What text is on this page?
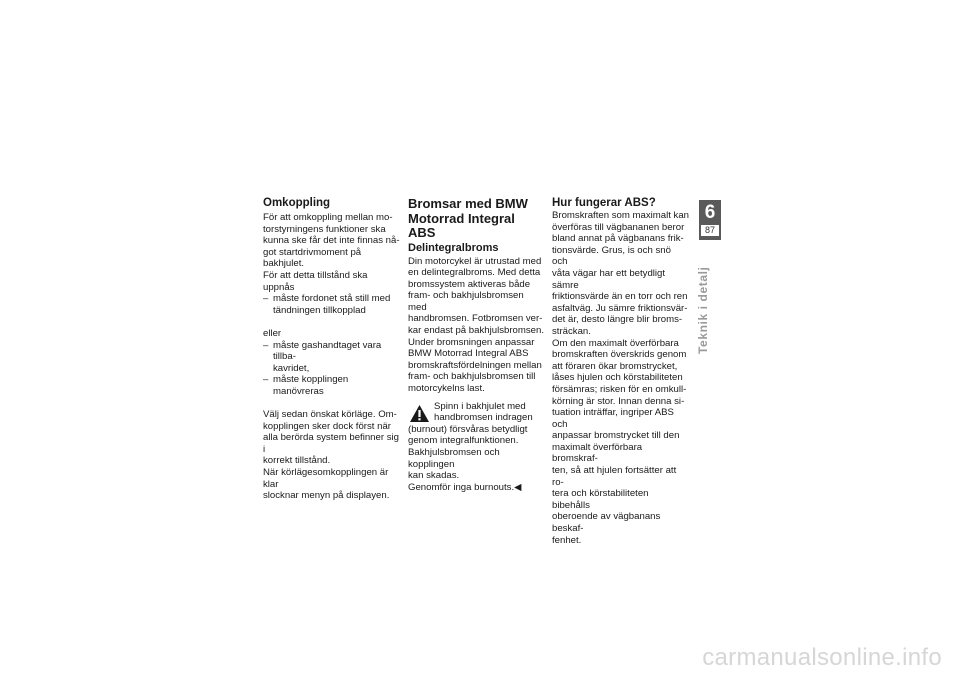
Omkoppling

För att omkoppling mellan mo-
torstyrningens funktioner ska
kunna ske får det inte finnas nå-
got startdrivmoment på bakhjulet.
För att detta tillstånd ska uppnås

– måste fordonet stå still med
tändningen tillkopplad

eller

– måste gashandtaget vara tillba-
kavridet,

– måste kopplingen manövreras

Välj sedan önskat körläge. Om-
kopplingen sker dock först när
alla berörda system befinner sig i
korrekt tillstånd.
När körlägesomkopplingen är klar
slocknar menyn på displayen.

Bromsar med BMW
Motorrad Integral ABS
Delintegralbroms

Din motorcykel är utrustad med
en delintegralbroms. Med detta
bromssystem aktiveras både
fram- och bakhjulsbromsen med
handbromsen. Fotbromsen ver-
kar endast på bakhjulsbromsen.
Under bromsningen anpassar
BMW Motorrad Integral ABS
bromskraftsfördelningen mellan
fram- och bakhjulsbromsen till
motorcykelns last.

Spinn i bakhjulet med
handbromsen indragen

(burnout) försvåras betydligt
genom integralfunktionen.
Bakhjulsbromsen och kopplingen
kan skadas.
Genomför inga burnouts.◀

Hur fungerar ABS?

Bromskraften som maximalt kan
överföras till vägbananen beror
bland annat på vägbanans frik-
tionsvärde. Grus, is och snö och
våta vägar har ett betydligt sämre
friktionsvärde än en torr och ren
asfaltväg. Ju sämre friktionsvär-
det är, desto längre blir broms-
sträckan.
Om den maximalt överförbara
bromskraften överskrids genom
att föraren ökar bromstrycket,
låses hjulen och körstabiliteten
försämras; risken för en omkull-
körning är stor. Innan denna si-
tuation inträffar, ingriper ABS och
anpassar bromstrycket till den
maximalt överförbara bromskraf-
ten, så att hjulen fortsätter att ro-
tera och körstabiliteten bibehålls
oberoende av vägbanans beskaf-
fenhet.

6
87
Teknik i detalj
carmanualsonline.info
